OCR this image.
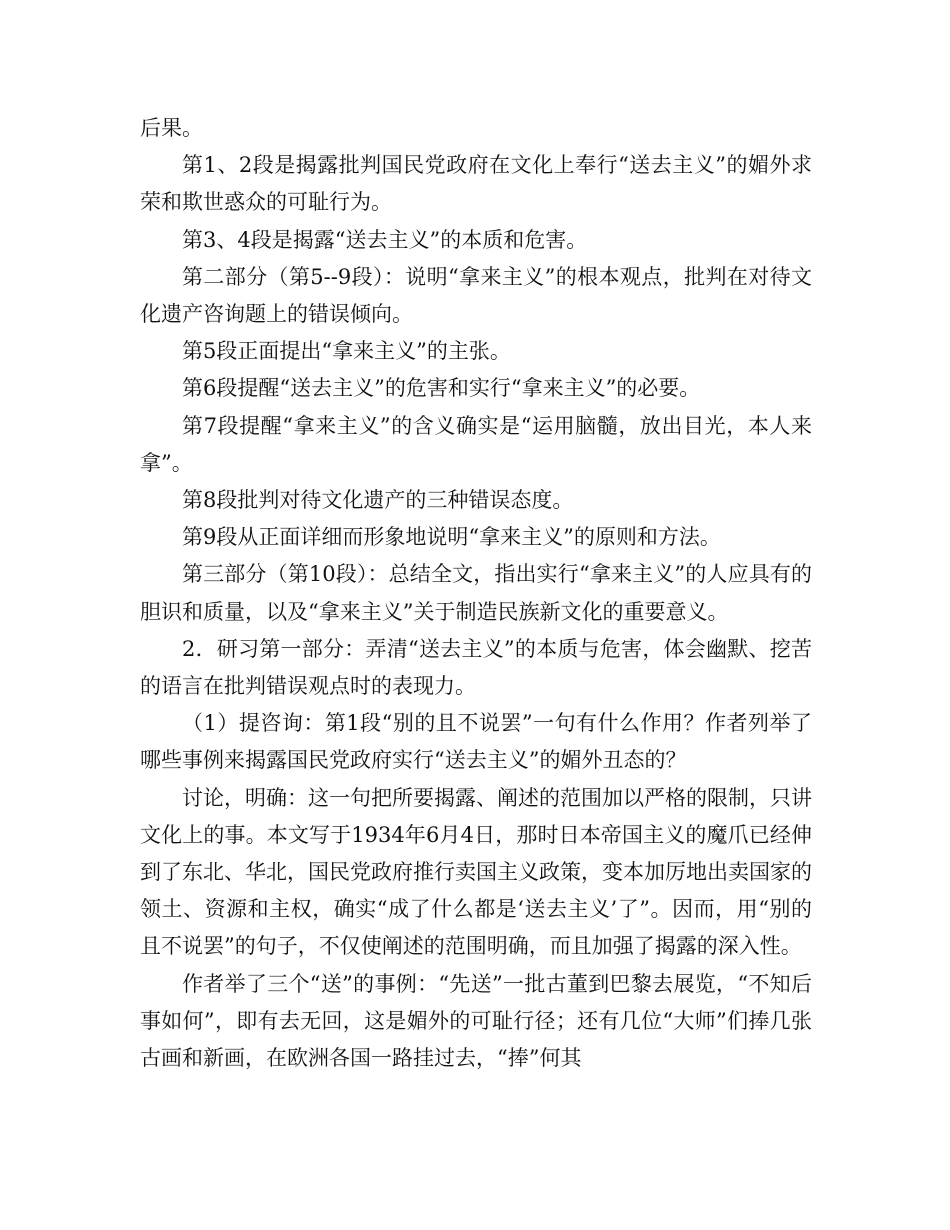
后果。

第1、2段是揭露批判国民党政府在文化上奉行“送去主义”的媚外求荣和欺世惑众的可耻行为。

第3、4段是揭露“送去主义”的本质和危害。

第二部分（第5--9段）：说明“拿来主义”的根本观点，批判在对待文化遗产咨询题上的错误倾向。

第5段正面提出“拿来主义”的主张。

第6段提醒“送去主义”的危害和实行“拿来主义”的必要。

第7段提醒“拿来主义”的含义确实是“运用脑髓，放出目光，本人来拿”。

第8段批判对待文化遗产的三种错误态度。

第9段从正面详细而形象地说明“拿来主义”的原则和方法。

第三部分（第10段）：总结全文，指出实行“拿来主义”的人应具有的胆识和质量，以及“拿来主义”关于制造民族新文化的重要意义。

2．研习第一部分：弄清“送去主义”的本质与危害，体会幽默、挖苦的语言在批判错误观点时的表现力。

（1）提咨询：第1段“别的且不说罢”一句有什么作用？作者列举了哪些事例来揭露国民党政府实行“送去主义”的媚外丑态的？

讨论，明确：这一句把所要揭露、阐述的范围加以严格的限制，只讲文化上的事。本文写于1934年6月4日，那时日本帝国主义的魔爪已经伸到了东北、华北，国民党政府推行卖国主义政策，变本加厉地出卖国家的领土、资源和主权，确实“成了什么都是‘送去主义’了”。因而，用“别的且不说罢”的句子，不仅使阐述的范围明确，而且加强了揭露的深入性。

作者举了三个“送”的事例：“先送”一批古董到巴黎去展览，“不知后事如何”，即有去无回，这是媚外的可耻行径；还有几位“大师”们捧几张古画和新画，在欧洲各国一路挂过去，“捧”何其
